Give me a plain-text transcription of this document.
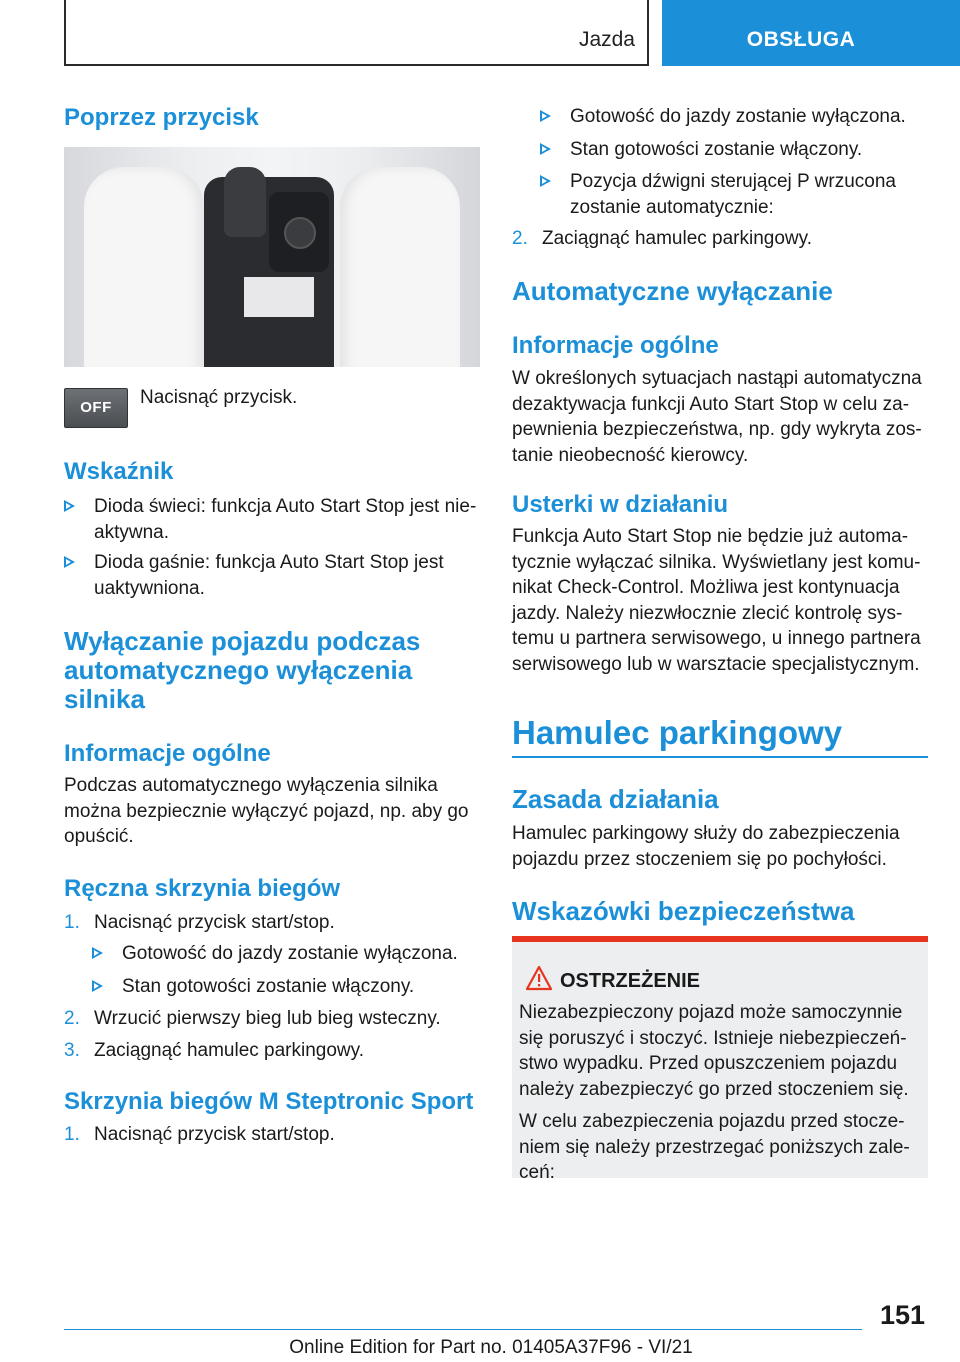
Jazda	OBSŁUGA
Poprzez przycisk
OFF	Nacisnąć przycisk.

Wskaźnik
Dioda świeci: funkcja Auto Start Stop jest nie-aktywna.
Dioda gaśnie: funkcja Auto Start Stop jest uaktywniona.
Wyłączanie pojazdu podczas automatycznego wyłączenia silnika
Informacje ogólne

Podczas automatycznego wyłączenia silnika można bezpiecznie wyłączyć pojazd, np. aby go opuścić.

Ręczna skrzynia biegów
1. Nacisnąć przycisk start/stop.
Gotowość do jazdy zostanie wyłączona.
Stan gotowości zostanie włączony.
2. Wrzucić pierwszy bieg lub bieg wsteczny.
3. Zaciągnąć hamulec parkingowy.
Skrzynia biegów M Steptronic Sport
1. Nacisnąć przycisk start/stop.
Gotowość do jazdy zostanie wyłączona.
Stan gotowości zostanie włączony.
Pozycja dźwigni sterującej P wrzucona zostanie automatycznie:
2. Zaciągnąć hamulec parkingowy.
Automatyczne wyłączanie
Informacje ogólne

W określonych sytuacjach nastąpi automatyczna dezaktywacja funkcji Auto Start Stop w celu za-pewnienia bezpieczeństwa, np. gdy wykryta zos-tanie nieobecność kierowcy.

Usterki w działaniu

Funkcja Auto Start Stop nie będzie już automa-tycznie wyłączać silnika. Wyświetlany jest komu-nikat Check-Control. Możliwa jest kontynuacja jazdy. Należy niezwłocznie zlecić kontrolę sys-temu u partnera serwisowego, u innego partnera serwisowego lub w warsztacie specjalistycznym.

Hamulec parkingowy
Zasada działania

Hamulec parkingowy służy do zabezpieczenia pojazdu przez stoczeniem się po pochyłości.

Wskazówki bezpieczeństwa
OSTRZEŻENIE

Niezabezpieczony pojazd może samoczynnie się poruszyć i stoczyć. Istnieje niebezpieczeń-stwo wypadku. Przed opuszczeniem pojazdu należy zabezpieczyć go przed stoczeniem się.

W celu zabezpieczenia pojazdu przed stocze-niem się należy przestrzegać poniższych zale-ceń:

151
Online Edition for Part no. 01405A37F96 - VI/21
